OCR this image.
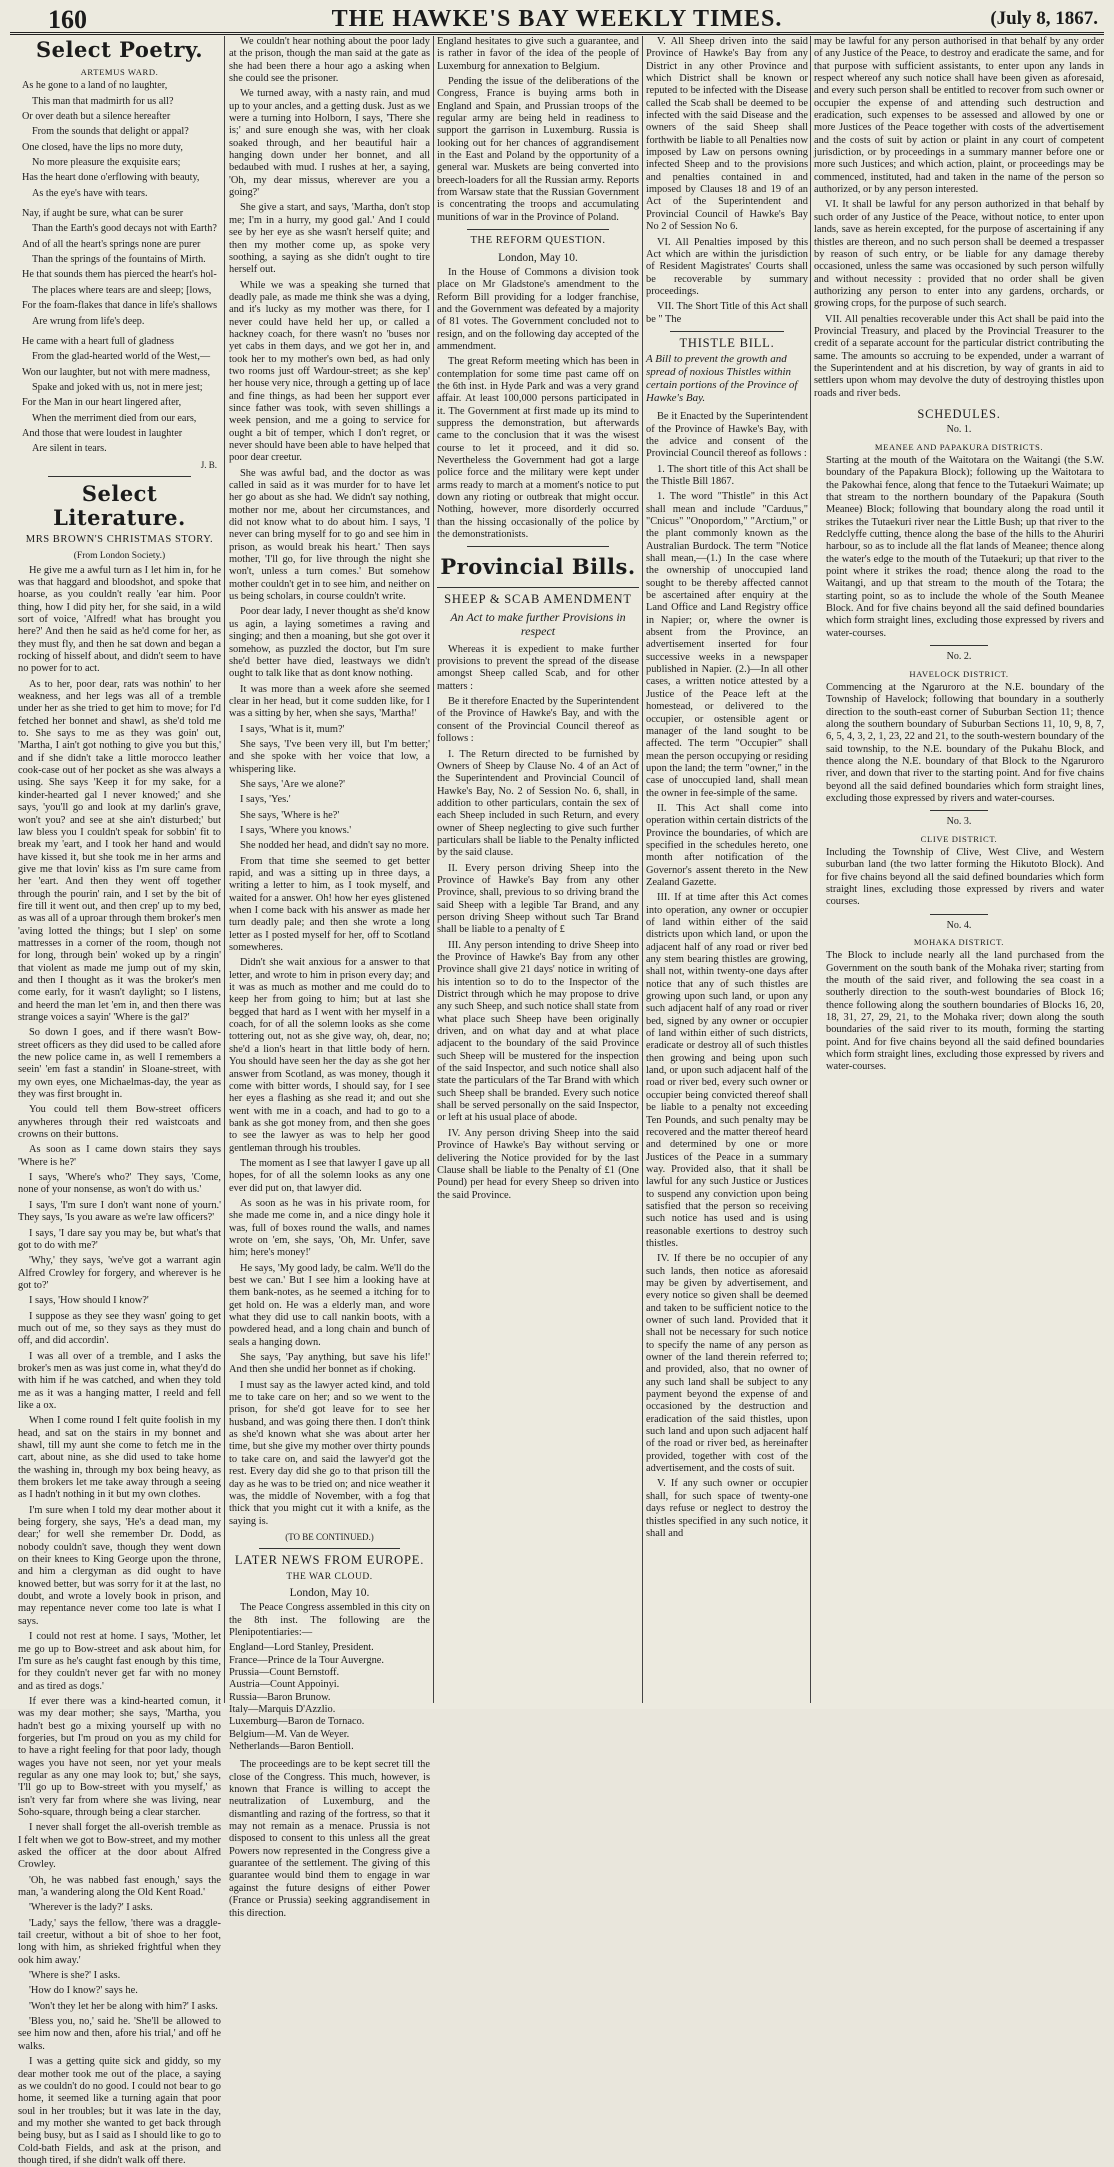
160	THE HAWKE'S BAY WEEKLY TIMES.	(July 8, 1867.
Select Poetry.
ARTEMUS WARD.

As he gone to a land of no laughter,

This man that madmirth for us all?

Or over death but a silence hereafter

From the sounds that delight or appal?

One closed, have the lips no more duty,

No more pleasure the exquisite ears;

Has the heart done o'erflowing with beauty,

As the eye's have with tears.

Nay, if aught be sure, what can be surer

Than the Earth's good decays not with Earth?

And of all the heart's springs none are purer

Than the springs of the fountains of Mirth.

He that sounds them has pierced the heart's hol-

The places where tears are and sleep; [lows,

For the foam-flakes that dance in life's shallows

Are wrung from life's deep.

He came with a heart full of gladness

From the glad-hearted world of the West,—

Won our laughter, but not with mere madness,

Spake and joked with us, not in mere jest;

For the Man in our heart lingered after,

When the merriment died from our ears,

And those that were loudest in laughter

Are silent in tears.

J. B.
Select Literature.
MRS BROWN'S CHRISTMAS STORY.
(From London Society.)

He give me a awful turn as I let him in, for he was that haggard and bloodshot, and spoke that hoarse, as you couldn't really 'ear him. Poor thing, how I did pity her, for she said, in a wild sort of voice, 'Alfred! what has brought you here?' And then he said as he'd come for her, as they must fly, and then he sat down and began a rocking of hisself about, and didn't seem to have no power for to act.

As to her, poor dear, rats was nothin' to her weakness, and her legs was all of a tremble under her as she tried to get him to move; for I'd fetched her bonnet and shawl, as she'd told me to. She says to me as they was goin' out, 'Martha, I ain't got nothing to give you but this,' and if she didn't take a little morocco leather cook-case out of her pocket as she was always a using. She says 'Keep it for my sake, for a kinder-hearted gal I never knowed;' and she says, 'you'll go and look at my darlin's grave, won't you? and see at she ain't disturbed;' but law bless you I couldn't speak for sobbin' fit to break my 'eart, and I took her hand and would have kissed it, but she took me in her arms and give me that lovin' kiss as I'm sure came from her 'eart. And then they went off together through the pourin' rain, and I set by the bit of fire till it went out, and then crep' up to my bed, as was all of a uproar through them broker's men 'aving lotted the things; but I slep' on some mattresses in a corner of the room, though not for long, through bein' woked up by a ringin' that violent as made me jump out of my skin, and then I thought as it was the broker's men come early, for it wasn't daylight; so I listens, and heerd the man let 'em in, and then there was strange voices a sayin' 'Where is the gal?'

So down I goes, and if there wasn't Bow-street officers as they did used to be called afore the new police came in, as well I remembers a seein' 'em fast a standin' in Sloane-street, with my own eyes, one Michaelmas-day, the year as they was first brought in.

You could tell them Bow-street officers anywheres through their red waistcoats and crowns on their buttons.

As soon as I came down stairs they says 'Where is he?'

I says, 'Where's who?' They says, 'Come, none of your nonsense, as won't do with us.'

I says, 'I'm sure I don't want none of yourn.' They says, 'Is you aware as we're law officers?'

I says, 'I dare say you may be, but what's that got to do with me?'

'Why,' they says, 'we've got a warrant agin Alfred Crowley for forgery, and wherever is he got to?'

I says, 'How should I know?'

I suppose as they see they wasn' going to get much out of me, so they says as they must do off, and did accordin'.

I was all over of a tremble, and I asks the broker's men as was just come in, what they'd do with him if he was catched, and when they told me as it was a hanging matter, I reeld and fell like a ox.

When I come round I felt quite foolish in my head, and sat on the stairs in my bonnet and shawl, till my aunt she come to fetch me in the cart, about nine, as she did used to take home the washing in, through my box being heavy, as them brokers let me take away through a seeing as I hadn't nothing in it but my own clothes.

I'm sure when I told my dear mother about it being forgery, she says, 'He's a dead man, my dear;' for well she remember Dr. Dodd, as nobody couldn't save, though they went down on their knees to King George upon the throne, and him a clergyman as did ought to have knowed better, but was sorry for it at the last, no doubt, and wrote a lovely book in prison, and may repentance never come too late is what I says.

I could not rest at home. I says, 'Mother, let me go up to Bow-street and ask about him, for I'm sure as he's caught fast enough by this time, for they couldn't never get far with no money and as tired as dogs.'

If ever there was a kind-hearted comun, it was my dear mother; she says, 'Martha, you hadn't best go a mixing yourself up with no forgeries, but I'm proud on you as my child for to have a right feeling for that poor lady, though wages you have not seen, nor yet your meals regular as any one may look to; but,' she says, 'I'll go up to Bow-street with you myself,' as isn't very far from where she was living, near Soho-square, through being a clear starcher.

I never shall forget the all-overish tremble as I felt when we got to Bow-street, and my mother asked the officer at the door about Alfred Crowley.

'Oh, he was nabbed fast enough,' says the man, 'a wandering along the Old Kent Road.'

'Wherever is the lady?' I asks.

'Lady,' says the fellow, 'there was a draggle-tail creetur, without a bit of shoe to her foot, long with him, as shrieked frightful when they ook him away.'

'Where is she?' I asks.

'How do I know?' says he.

'Won't they let her be along with him?' I asks.

'Bless you, no,' said he. 'She'll be allowed to see him now and then, afore his trial,' and off he walks.

I was a getting quite sick and giddy, so my dear mother took me out of the place, a saying as we couldn't do no good. I could not bear to go home, it seemed like a turning again that poor soul in her troubles; but it was late in the day, and my mother she wanted to get back through being busy, but as I said as I should like to go to Cold-bath Fields, and ask at the prison, and though tired, if she didn't walk off there.

We couldn't hear nothing about the poor lady at the prison, though the man said at the gate as she had been there a hour ago a asking when she could see the prisoner.

We turned away, with a nasty rain, and mud up to your ancles, and a getting dusk. Just as we were a turning into Holborn, I says, 'There she is;' and sure enough she was, with her cloak soaked through, and her beautiful hair a hanging down under her bonnet, and all bedaubed with mud. I rushes at her, a saying, 'Oh, my dear missus, wherever are you a going?'

She give a start, and says, 'Martha, don't stop me; I'm in a hurry, my good gal.' And I could see by her eye as she wasn't herself quite; and then my mother come up, as spoke very soothing, a saying as she didn't ought to tire herself out.

While we was a speaking she turned that deadly pale, as made me think she was a dying, and it's lucky as my mother was there, for I never could have held her up, or called a hackney coach, for there wasn't no 'buses nor yet cabs in them days, and we got her in, and took her to my mother's own bed, as had only two rooms just off Wardour-street; as she kep' her house very nice, through a getting up of lace and fine things, as had been her support ever since father was took, with seven shillings a week pension, and me a going to service for ought a bit of temper, which I don't regret, or never should have been able to have helped that poor dear creetur.

She was awful bad, and the doctor as was called in said as it was murder for to have let her go about as she had. We didn't say nothing, mother nor me, about her circumstances, and did not know what to do about him. I says, 'I never can bring myself for to go and see him in prison, as would break his heart.' Then says mother, 'I'll go, for live through the night she won't, unless a turn comes.' But somehow mother couldn't get in to see him, and neither on us being scholars, in course couldn't write.

Poor dear lady, I never thought as she'd know us agin, a laying sometimes a raving and singing; and then a moaning, but she got over it somehow, as puzzled the doctor, but I'm sure she'd better have died, leastways we didn't ought to talk like that as dont know nothing.

It was more than a week afore she seemed clear in her head, but it come sudden like, for I was a sitting by her, when she says, 'Martha!'

I says, 'What is it, mum?'

She says, 'I've been very ill, but I'm better;' and she spoke with her voice that low, a whispering like.

She says, 'Are we alone?'

I says, 'Yes.'

She says, 'Where is he?'

I says, 'Where you knows.'

She nodded her head, and didn't say no more.

From that time she seemed to get better rapid, and was a sitting up in three days, a writing a letter to him, as I took myself, and waited for a answer. Oh! how her eyes glistened when I come back with his answer as made her turn deadly pale; and then she wrote a long letter as I posted myself for her, off to Scotland somewheres.

Didn't she wait anxious for a answer to that letter, and wrote to him in prison every day; and it was as much as mother and me could do to keep her from going to him; but at last she begged that hard as I went with her myself in a coach, for of all the solemn looks as she come tottering out, not as she give way, oh, dear, no; she'd a lion's heart in that little body of hern. You should have seen her the day as she got her answer from Scotland, as was money, though it come with bitter words, I should say, for I see her eyes a flashing as she read it; and out she went with me in a coach, and had to go to a bank as she got money from, and then she goes to see the lawyer as was to help her good gentleman through his troubles.

The moment as I see that lawyer I gave up all hopes, for of all the solemn looks as any one ever did put on, that lawyer did.

As soon as he was in his private room, for she made me come in, and a nice dingy hole it was, full of boxes round the walls, and names wrote on 'em, she says, 'Oh, Mr. Unfer, save him; here's money!'

He says, 'My good lady, be calm. We'll do the best we can.' But I see him a looking have at them bank-notes, as he seemed a itching for to get hold on. He was a elderly man, and wore what they did use to call nankin boots, with a powdered head, and a long chain and bunch of seals a hanging down.

She says, 'Pay anything, but save his life!' And then she undid her bonnet as if choking.

I must say as the lawyer acted kind, and told me to take care on her; and so we went to the prison, for she'd got leave for to see her husband, and was going there then. I don't think as she'd known what she was about arter her time, but she give my mother over thirty pounds to take care on, and said the lawyer'd got the rest. Every day did she go to that prison till the day as he was to be tried on; and nice weather it was, the middle of November, with a fog that thick that you might cut it with a knife, as the saying is.

(TO BE CONTINUED.)
LATER NEWS FROM EUROPE.
THE WAR CLOUD.
London, May 10.

The Peace Congress assembled in this city on the 8th inst. The following are the Plenipotentiaries:—

England—Lord Stanley, President.
France—Prince de la Tour Auvergne.
Prussia—Count Bernstoff.
Austria—Count Appoinyi.
Russia—Baron Brunow.
Italy—Marquis D'Azzlio.
Luxemburg—Baron de Tornaco.
Belgium—M. Van de Weyer.
Netherlands—Baron Bentioll.

The proceedings are to be kept secret till the close of the Congress. This much, however, is known that France is willing to accept the neutralization of Luxemburg, and the dismantling and razing of the fortress, so that it may not remain as a menace. Prussia is not disposed to consent to this unless all the great Powers now represented in the Congress give a guarantee of the settlement. The giving of this guarantee would bind them to engage in war against the future designs of either Power (France or Prussia) seeking aggrandisement in this direction.

England hesitates to give such a guarantee, and is rather in favor of the idea of the people of Luxemburg for annexation to Belgium.

Pending the issue of the deliberations of the Congress, France is buying arms both in England and Spain, and Prussian troops of the regular army are being held in readiness to support the garrison in Luxemburg. Russia is looking out for her chances of aggrandisement in the East and Poland by the opportunity of a general war. Muskets are being converted into breech-loaders for all the Russian army. Reports from Warsaw state that the Russian Government is concentrating the troops and accumulating munitions of war in the Province of Poland.

THE REFORM QUESTION.
London, May 10.

In the House of Commons a division took place on Mr Gladstone's amendment to the Reform Bill providing for a lodger franchise, and the Government was defeated by a majority of 81 votes. The Government concluded not to resign, and on the following day accepted of the ammendment.

The great Reform meeting which has been in contemplation for some time past came off on the 6th inst. in Hyde Park and was a very grand affair. At least 100,000 persons participated in it. The Government at first made up its mind to suppress the demonstration, but afterwards came to the conclusion that it was the wisest course to let it proceed, and it did so. Nevertheless the Government had got a large police force and the military were kept under arms ready to march at a moment's notice to put down any rioting or outbreak that might occur. Nothing, however, more disorderly occurred than the hissing occasionally of the police by the demonstrationists.

Provincial Bills.
SHEEP & SCAB AMENDMENT
An Act to make further Provisions in respect

Whereas it is expedient to make further provisions to prevent the spread of the disease amongst Sheep called Scab, and for other matters :

Be it therefore Enacted by the Superintendent of the Province of Hawke's Bay, and with the consent of the Provincial Council thereof as follows :

I. The Return directed to be furnished by Owners of Sheep by Clause No. 4 of an Act of the Superintendent and Provincial Council of Hawke's Bay, No. 2 of Session No. 6, shall, in addition to other particulars, contain the sex of each Sheep included in such Return, and every owner of Sheep neglecting to give such further particulars shall be liable to the Penalty inflicted by the said clause.

II. Every person driving Sheep into the Province of Hawke's Bay from any other Province, shall, previous to so driving brand the said Sheep with a legible Tar Brand, and any person driving Sheep without such Tar Brand shall be liable to a penalty of £

III. Any person intending to drive Sheep into the Province of Hawke's Bay from any other Province shall give 21 days' notice in writing of his intention so to do to the Inspector of the District through which he may propose to drive any such Sheep, and such notice shall state from what place such Sheep have been originally driven, and on what day and at what place adjacent to the boundary of the said Province such Sheep will be mustered for the inspection of the said Inspector, and such notice shall also state the particulars of the Tar Brand with which such Sheep shall be branded. Every such notice shall be served personally on the said Inspector, or left at his usual place of abode.

IV. Any person driving Sheep into the said Province of Hawke's Bay without serving or delivering the Notice provided for by the last Clause shall be liable to the Penalty of £1 (One Pound) per head for every Sheep so driven into the said Province.

V. All Sheep driven into the said Province of Hawke's Bay from any District in any other Province and which District shall be known or reputed to be infected with the Disease called the Scab shall be deemed to be infected with the said Disease and the owners of the said Sheep shall forthwith be liable to all Penalties now imposed by Law on persons owning infected Sheep and to the provisions and penalties contained in and imposed by Clauses 18 and 19 of an Act of the Superintendent and Provincial Council of Hawke's Bay No 2 of Session No 6.

VI. All Penalties imposed by this Act which are within the jurisdiction of Resident Magistrates' Courts shall be recoverable by summary proceedings.

VII. The Short Title of this Act shall be " The

THISTLE BILL.
A Bill to prevent the growth and spread of noxious Thistles within certain portions of the Province of Hawke's Bay.

Be it Enacted by the Superintendent of the Province of Hawke's Bay, with the advice and consent of the Provincial Council thereof as follows :

1. The short title of this Act shall be the Thistle Bill 1867.

1. The word "Thistle" in this Act shall mean and include "Carduus," "Cnicus" "Onopordom," "Arctium," or the plant commonly known as the Australian Burdock. The term "Notice shall mean,—(1.) In the case where the ownership of unoccupied land sought to be thereby affected cannot be ascertained after enquiry at the Land Office and Land Registry office in Napier; or, where the owner is absent from the Province, an advertisement inserted for four successive weeks in a newspaper published in Napier. (2.)—In all other cases, a written notice attested by a Justice of the Peace left at the homestead, or delivered to the occupier, or ostensible agent or manager of the land sought to be affected. The term "Occupier" shall mean the person occupying or residing upon the land; the term "owner," in the case of unoccupied land, shall mean the owner in fee-simple of the same.

II. This Act shall come into operation within certain districts of the Province the boundaries, of which are specified in the schedules hereto, one month after notification of the Governor's assent thereto in the New Zealand Gazette.

III. If at time after this Act comes into operation, any owner or occupier of land within either of the said districts upon which land, or upon the adjacent half of any road or river bed any stem bearing thistles are growing, shall not, within twenty-one days after notice that any of such thistles are growing upon such land, or upon any such adjacent half of any road or river bed, signed by any owner or occupier of land within either of such districts, eradicate or destroy all of such thistles then growing and being upon such land, or upon such adjacent half of the road or river bed, every such owner or occupier being convicted thereof shall be liable to a penalty not exceeding Ten Pounds, and such penalty may be recovered and the matter thereof heard and determined by one or more Justices of the Peace in a summary way. Provided also, that it shall be lawful for any such Justice or Justices to suspend any conviction upon being satisfied that the person so receiving such notice has used and is using reasonable exertions to destroy such thistles.

IV. If there be no occupier of any such lands, then notice as aforesaid may be given by advertisement, and every notice so given shall be deemed and taken to be sufficient notice to the owner of such land. Provided that it shall not be necessary for such notice to specify the name of any person as owner of the land therein referred to; and provided, also, that no owner of any such land shall be subject to any payment beyond the expense of and occasioned by the destruction and eradication of the said thistles, upon such land and upon such adjacent half of the road or river bed, as hereinafter provided, together with cost of the advertisement, and the costs of suit.

V. If any such owner or occupier shall, for such space of twenty-one days refuse or neglect to destroy the thistles specified in any such notice, it shall and

may be lawful for any person authorised in that behalf by any order of any Justice of the Peace, to destroy and eradicate the same, and for that purpose with sufficient assistants, to enter upon any lands in respect whereof any such notice shall have been given as aforesaid, and every such person shall be entitled to recover from such owner or occupier the expense of and attending such destruction and eradication, such expenses to be assessed and allowed by one or more Justices of the Peace together with costs of the advertisement and the costs of suit by action or plaint in any court of competent jurisdiction, or by proceedings in a summary manner before one or more such Justices; and which action, plaint, or proceedings may be commenced, instituted, had and taken in the name of the person so authorized, or by any person interested.

VI. It shall be lawful for any person authorized in that behalf by such order of any Justice of the Peace, without notice, to enter upon lands, save as herein excepted, for the purpose of ascertaining if any thistles are thereon, and no such person shall be deemed a trespasser by reason of such entry, or be liable for any damage thereby occasioned, unless the same was occasioned by such person wilfully and without necessity : provided that no order shall be given authorizing any person to enter into any gardens, orchards, or growing crops, for the purpose of such search.

VII. All penalties recoverable under this Act shall be paid into the Provincial Treasury, and placed by the Provincial Treasurer to the credit of a separate account for the particular district contributing the same. The amounts so accruing to be expended, under a warrant of the Superintendent and at his discretion, by way of grants in aid to settlers upon whom may devolve the duty of destroying thistles upon roads and river beds.

SCHEDULES.
No. 1.
MEANEE AND PAPAKURA DISTRICTS.

Starting at the mouth of the Waitotara on the Waitangi (the S.W. boundary of the Papakura Block); following up the Waitotara to the Pakowhai fence, along that fence to the Tutaekuri Waimate; up that stream to the northern boundary of the Papakura (South Meanee) Block; following that boundary along the road until it strikes the Tutaekuri river near the Little Bush; up that river to the Redclyffe cutting, thence along the base of the hills to the Ahuriri harbour, so as to include all the flat lands of Meanee; thence along the water's edge to the mouth of the Tutaekuri; up that river to the point where it strikes the road; thence along the road to the Waitangi, and up that stream to the mouth of the Totara; the starting point, so as to include the whole of the South Meanee Block. And for five chains beyond all the said defined boundaries which form straight lines, excluding those expressed by rivers and water-courses.

No. 2.
HAVELOCK DISTRICT.

Commencing at the Ngaruroro at the N.E. boundary of the Township of Havelock; following that boundary in a southerly direction to the south-east corner of Suburban Section 11; thence along the southern boundary of Suburban Sections 11, 10, 9, 8, 7, 6, 5, 4, 3, 2, 1, 23, 22 and 21, to the south-western boundary of the said township, to the N.E. boundary of the Pukahu Block, and thence along the N.E. boundary of that Block to the Ngaruroro river, and down that river to the starting point. And for five chains beyond all the said defined boundaries which form straight lines, excluding those expressed by rivers and water-courses.

No. 3.
CLIVE DISTRICT.

Including the Township of Clive, West Clive, and Western suburban land (the two latter forming the Hikutoto Block). And for five chains beyond all the said defined boundaries which form straight lines, excluding those expressed by rivers and water courses.

No. 4.
MOHAKA DISTRICT.

The Block to include nearly all the land purchased from the Government on the south bank of the Mohaka river; starting from the mouth of the said river, and following the sea coast in a southerly direction to the south-west boundaries of Block 16; thence following along the southern boundaries of Blocks 16, 20, 18, 31, 27, 29, 21, to the Mohaka river; down along the south boundaries of the said river to its mouth, forming the starting point. And for five chains beyond all the said defined boundaries which form straight lines, excluding those expressed by rivers and water-courses.
